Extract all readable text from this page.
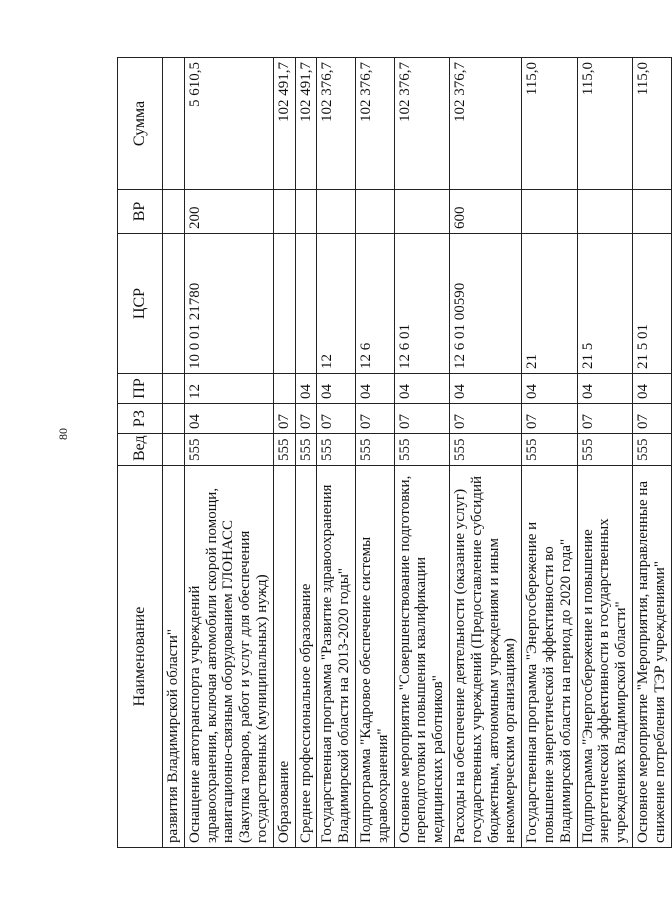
80
Наименование	Вед	РЗ	ПР	ЦСР	ВР	Сумма
развития Владимирской области"						
Оснащение автотранспорта учреждений здравоохранения, включая автомобили скорой помощи, навигационно-связным оборудованием ГЛОНАСС (Закупка товаров, работ и услуг для обеспечения государственных (муниципальных) нужд)	555	04	12	10 0 01 21780	200	5 610,5
Образование	555	07				102 491,7
Среднее профессиональное образование	555	07	04			102 491,7
Государственная программа "Развитие здравоохранения Владимирской области на 2013-2020 годы"	555	07	04	12		102 376,7
Подпрограмма "Кадровое обеспечение системы здравоохранения"	555	07	04	12 6		102 376,7
Основное мероприятие "Совершенствование подготовки, переподготовки и повышения квалификации медицинских работников"	555	07	04	12 6 01		102 376,7
Расходы на обеспечение деятельности (оказание услуг) государственных учреждений (Предоставление субсидий бюджетным, автономным учреждениям и иным некоммерческим организациям)	555	07	04	12 6 01 00590	600	102 376,7
Государственная программа "Энергосбережение и повышение энергетической эффективности во Владимирской области на период до 2020 года"	555	07	04	21		115,0
Подпрограмма "Энергосбережение и повышение энергетической эффективности в государственных учреждениях Владимирской области"	555	07	04	21 5		115,0
Основное мероприятие "Мероприятия, направленные на снижение потребления ТЭР учреждениями"	555	07	04	21 5 01		115,0
